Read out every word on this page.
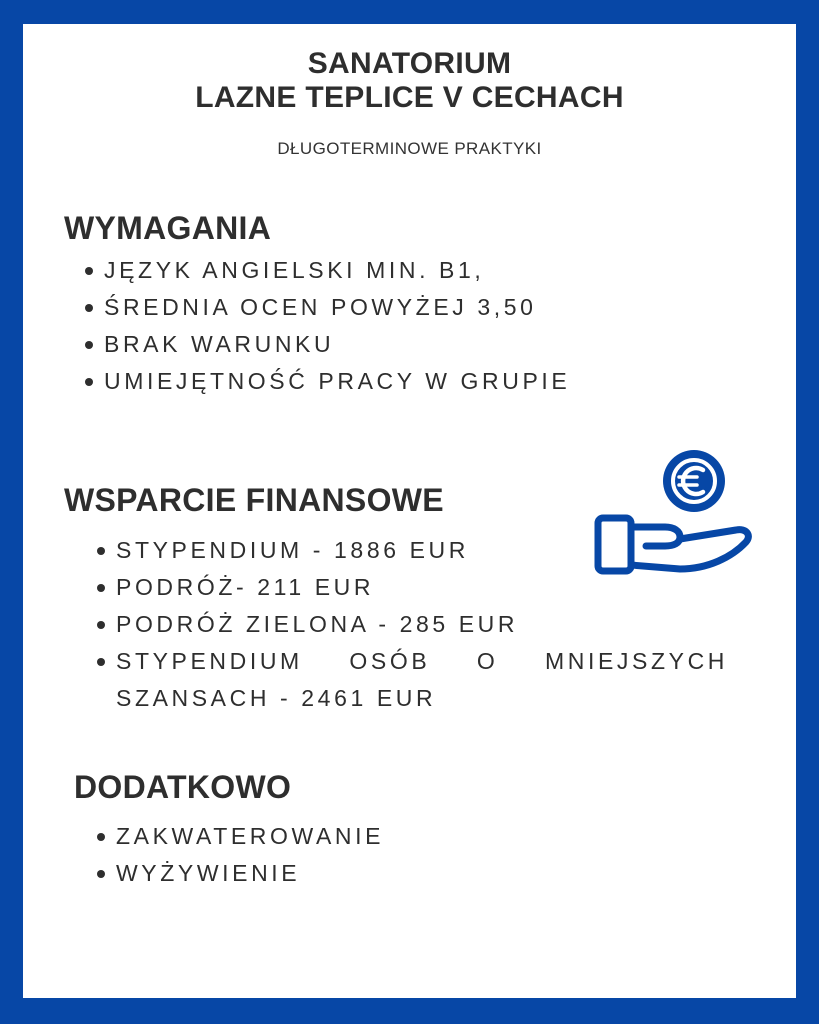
SANATORIUM
LAZNE TEPLICE V CECHACH
DŁUGOTERMINOWE PRAKTYKI
WYMAGANIA
JĘZYK ANGIELSKI MIN. B1,
ŚREDNIA OCEN POWYŻEJ 3,50
BRAK WARUNKU
UMIEJĘTNOŚĆ PRACY W GRUPIE
WSPARCIE FINANSOWE
STYPENDIUM - 1886 EUR
PODRÓŻ- 211 EUR
PODRÓŻ ZIELONA - 285 EUR
STYPENDIUM OSÓB O MNIEJSZYCH
SZANSACH - 2461 EUR
DODATKOWO
ZAKWATEROWANIE
WYŻYWIENIE
